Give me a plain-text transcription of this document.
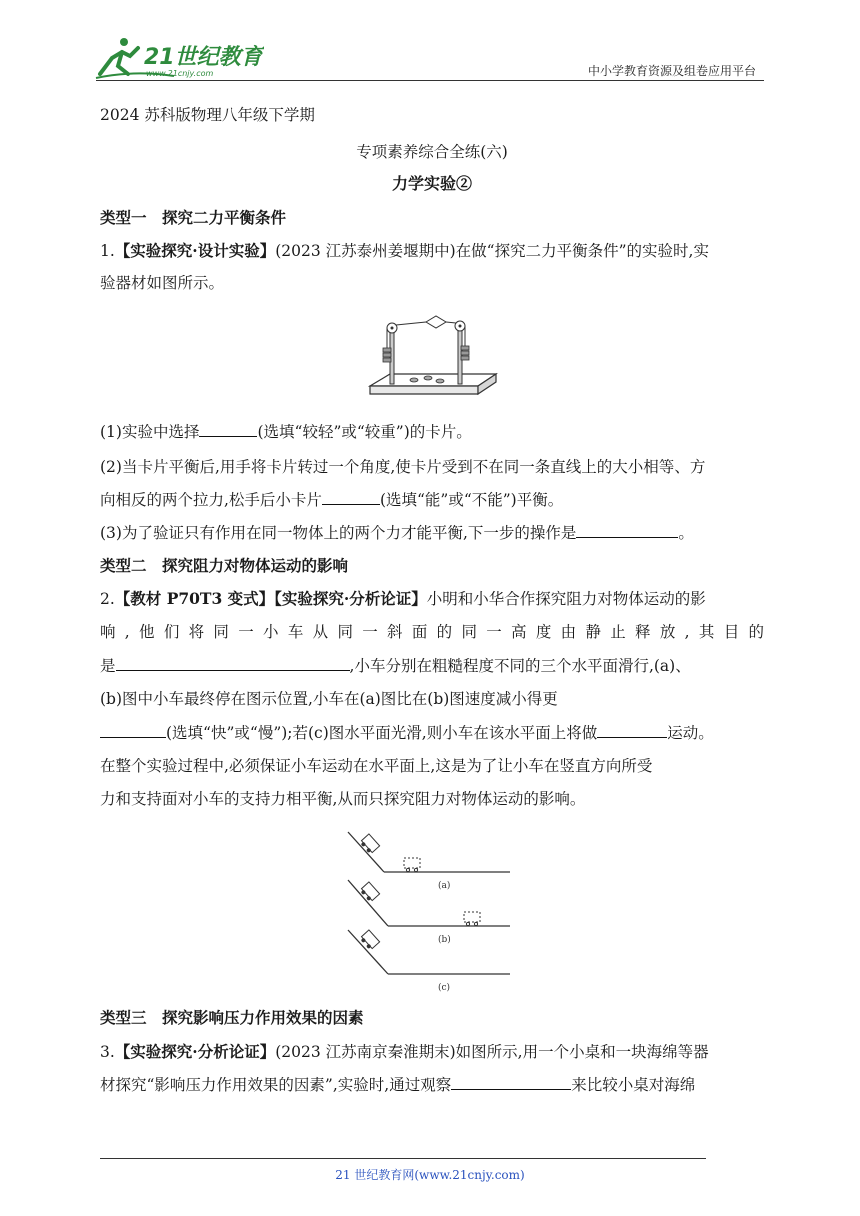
21世纪教育
www.21cnjy.com	中小学教育资源及组卷应用平台
2024 苏科版物理八年级下学期
专项素养综合全练(六)
力学实验②
类型一　探究二力平衡条件
1.【实验探究·设计实验】(2023 江苏泰州姜堰期中)在做“探究二力平衡条件”的实验时,实
验器材如图所示。
(1)实验中选择	(选填“较轻”或“较重”)的卡片。
(2)当卡片平衡后,用手将卡片转过一个角度,使卡片受到不在同一条直线上的大小相等、方
向相反的两个拉力,松手后小卡片	(选填“能”或“不能”)平衡。
(3)为了验证只有作用在同一物体上的两个力才能平衡,下一步的操作是	。
类型二　探究阻力对物体运动的影响
2.【教材 P70T3 变式】【实验探究·分析论证】小明和小华合作探究阻力对物体运动的影
响,他们将同一小车从同一斜面的同一高度由静止释放,其目的
是	,小车分别在粗糙程度不同的三个水平面滑行,(a)、
(b)图中小车最终停在图示位置,小车在(a)图比在(b)图速度减小得更
(选填“快”或“慢”);若(c)图水平面光滑,则小车在该水平面上将做	运动。
在整个实验过程中,必须保证小车运动在水平面上,这是为了让小车在竖直方向所受
力和支持面对小车的支持力相平衡,从而只探究阻力对物体运动的影响。
(a)
(b)
(c)
类型三　探究影响压力作用效果的因素
3.【实验探究·分析论证】(2023 江苏南京秦淮期末)如图所示,用一个小桌和一块海绵等器
材探究“影响压力作用效果的因素”,实验时,通过观察	来比较小桌对海绵
21 世纪教育网(www.21cnjy.com)
